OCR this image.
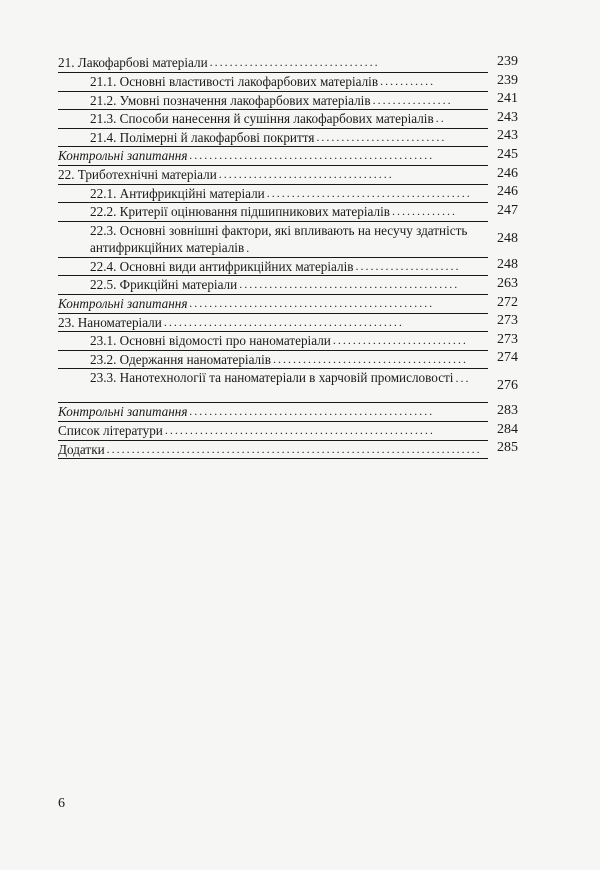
21. Лакофарбові матеріали ..................................	239

21.1. Основні властивості лакофарбових матеріалів ...........	239

21.2. Умовні позначення лакофарбових матеріалів ................	241

21.3. Способи нанесення й сушіння лакофарбових матеріалів ..	243

21.4. Полімерні й лакофарбові покриття ..........................	243

Контрольні запитання .................................................	245

22. Триботехнічні матеріали ...................................	246

22.1. Антифрикційні матеріали .........................................	246

22.2. Критерії оцінювання підшипникових матеріалів .............	247

22.3. Основні зовнішні фактори, які впливають на несучу здатність антифрикційних матеріалів .	248

22.4. Основні види антифрикційних матеріалів .....................	248

22.5. Фрикційні матеріали ............................................	263

Контрольні запитання .................................................	272

23. Наноматеріали ................................................	273

23.1. Основні відомості про наноматеріали ...........................	273

23.2. Одержання наноматеріалів .......................................	274

23.3. Нанотехнології та наноматеріали в харчовій промисловості ...	276

Контрольні запитання .................................................	283

Список літератури ......................................................	284

Додатки ...........................................................................	285
6
